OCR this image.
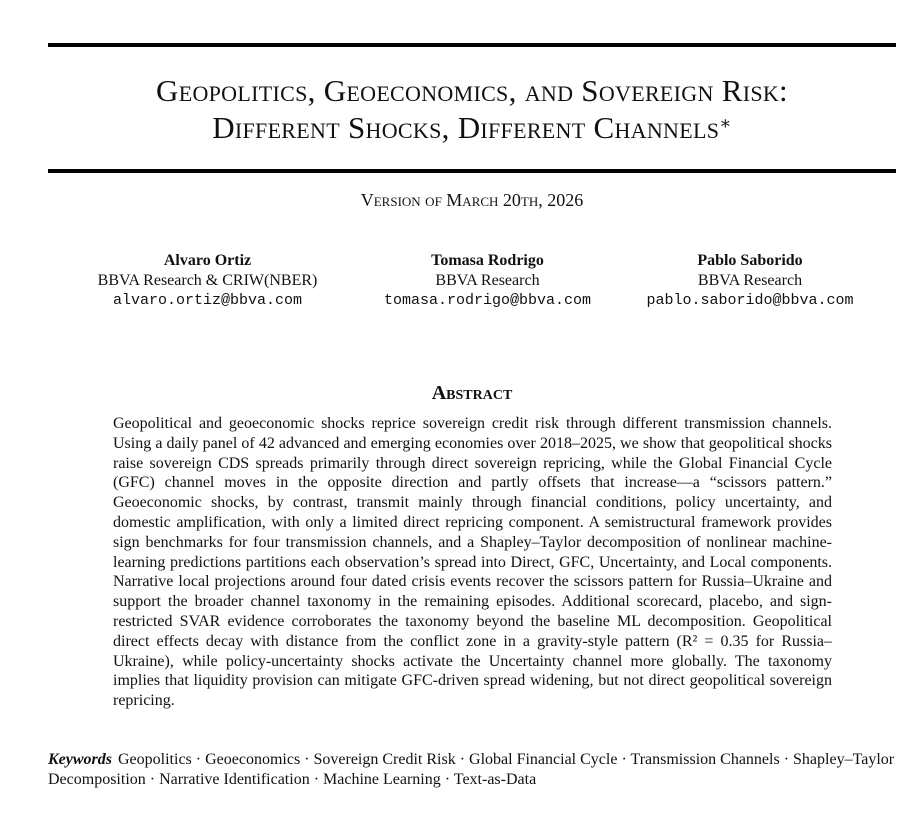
Geopolitics, Geoeconomics, and Sovereign Risk:
Different Shocks, Different Channels∗
Version of March 20th, 2026
Alvaro Ortiz
BBVA Research & CRIW(NBER)
alvaro.ortiz@bbva.com
Tomasa Rodrigo
BBVA Research
tomasa.rodrigo@bbva.com
Pablo Saborido
BBVA Research
pablo.saborido@bbva.com
Abstract
Geopolitical and geoeconomic shocks reprice sovereign credit risk through different transmission channels. Using a daily panel of 42 advanced and emerging economies over 2018–2025, we show that geopolitical shocks raise sovereign CDS spreads primarily through direct sovereign repricing, while the Global Financial Cycle (GFC) channel moves in the opposite direction and partly offsets that increase—a “scissors pattern.” Geoeconomic shocks, by contrast, transmit mainly through financial conditions, policy uncertainty, and domestic amplification, with only a limited direct repricing component. A semistructural framework provides sign benchmarks for four transmission channels, and a Shapley–Taylor decomposition of nonlinear machine-learning predictions partitions each observation’s spread into Direct, GFC, Uncertainty, and Local components. Narrative local projections around four dated crisis events recover the scissors pattern for Russia–Ukraine and support the broader channel taxonomy in the remaining episodes. Additional scorecard, placebo, and sign-restricted SVAR evidence corroborates the taxonomy beyond the baseline ML decomposition. Geopolitical direct effects decay with distance from the conflict zone in a gravity-style pattern (R² = 0.35 for Russia–Ukraine), while policy-uncertainty shocks activate the Uncertainty channel more globally. The taxonomy implies that liquidity provision can mitigate GFC-driven spread widening, but not direct geopolitical sovereign repricing.
Keywords Geopolitics · Geoeconomics · Sovereign Credit Risk · Global Financial Cycle · Transmission Channels · Shapley–Taylor Decomposition · Narrative Identification · Machine Learning · Text-as-Data
